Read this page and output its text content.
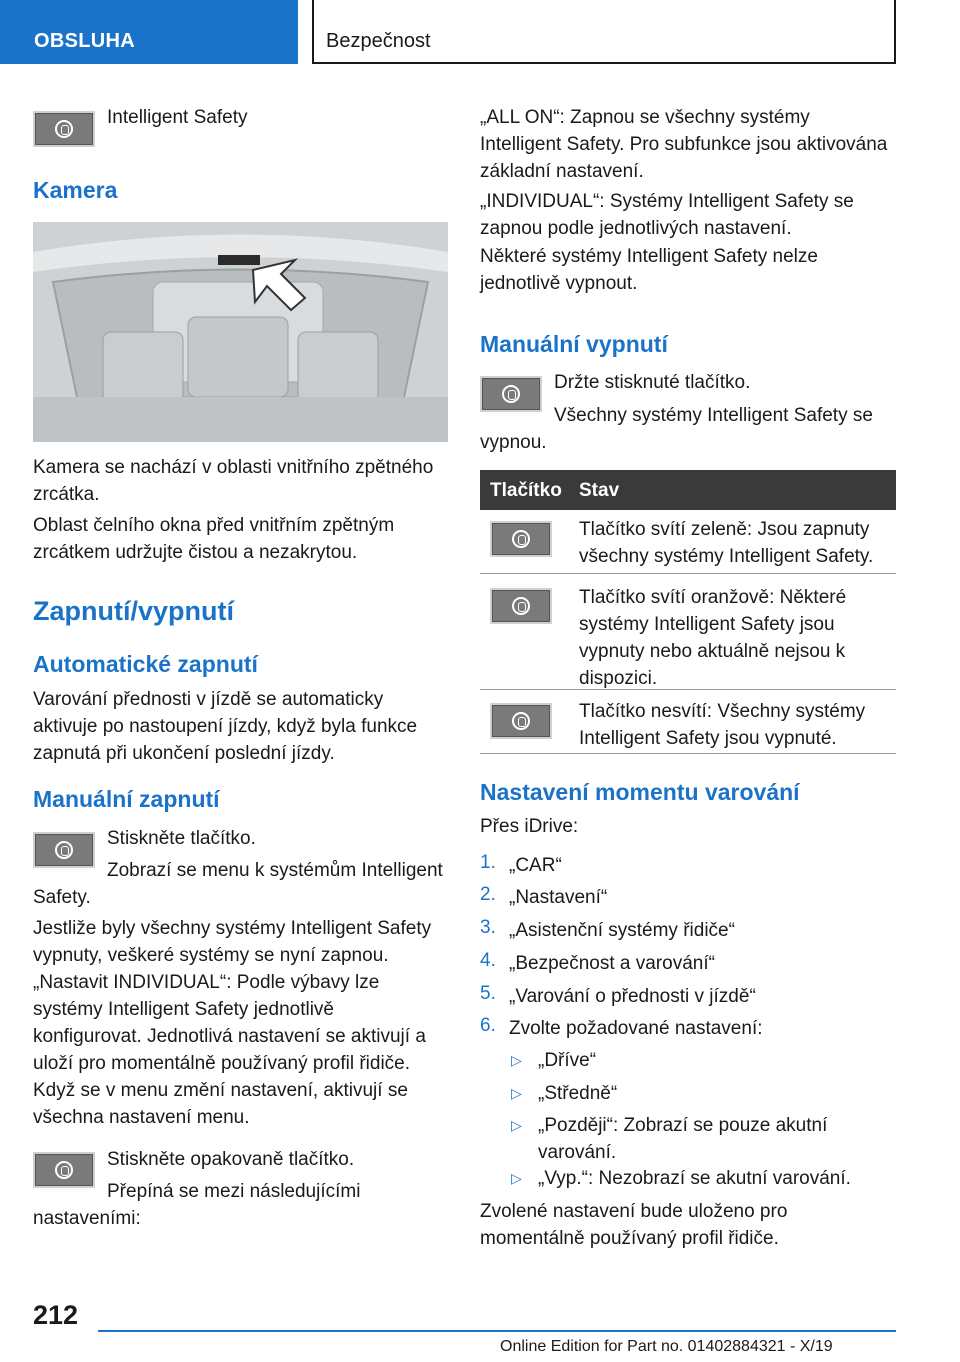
OBSLUHA	Bezpečnost
Intelligent Safety
Kamera
Kamera se nachází v oblasti vnitřního zpětného zrcátka.
Oblast čelního okna před vnitřním zpětným zrcátkem udržujte čistou a nezakrytou.
Zapnutí/vypnutí
Automatické zapnutí
Varování přednosti v jízdě se automaticky aktivuje po nastoupení jízdy, když byla funkce zapnutá při ukončení poslední jízdy.
Manuální zapnutí
Stiskněte tlačítko.
Zobrazí se menu k systémům Intelligent Safety.
Jestliže byly všechny systémy Intelligent Safety vypnuty, veškeré systémy se nyní zapnou.
„Nastavit INDIVIDUAL“: Podle výbavy lze systémy Intelligent Safety jednotlivě konfigurovat. Jednotlivá nastavení se aktivují a uloží pro momentálně používaný profil řidiče. Když se v menu změní nastavení, aktivují se všechna nastavení menu.
Stiskněte opakovaně tlačítko.
Přepíná se mezi následujícími nastaveními:
„ALL ON“: Zapnou se všechny systémy Intelligent Safety. Pro subfunkce jsou aktivována základní nastavení.
„INDIVIDUAL“: Systémy Intelligent Safety se zapnou podle jednotlivých nastavení.
Některé systémy Intelligent Safety nelze jednotlivě vypnout.
Manuální vypnutí
Držte stisknuté tlačítko.
Všechny systémy Intelligent Safety se vypnou.
Tlačítko Stav
Tlačítko svítí zeleně: Jsou zapnuty všechny systémy Intelligent Safety.
Tlačítko svítí oranžově: Některé systémy Intelligent Safety jsou vypnuty nebo aktuálně nejsou k dispozici.
Tlačítko nesvítí: Všechny systémy Intelligent Safety jsou vypnuté.
Nastavení momentu varování
Přes iDrive:
1. „CAR“
2. „Nastavení“
3. „Asistenční systémy řidiče“
4. „Bezpečnost a varování“
5. „Varování o přednosti v jízdě“
6. Zvolte požadované nastavení:
▷ „Dříve“
▷ „Středně“
▷ „Později“: Zobrazí se pouze akutní varování.
▷ „Vyp.“: Nezobrazí se akutní varování.
Zvolené nastavení bude uloženo pro momentálně používaný profil řidiče.
212
Online Edition for Part no. 01402884321 - X/19
